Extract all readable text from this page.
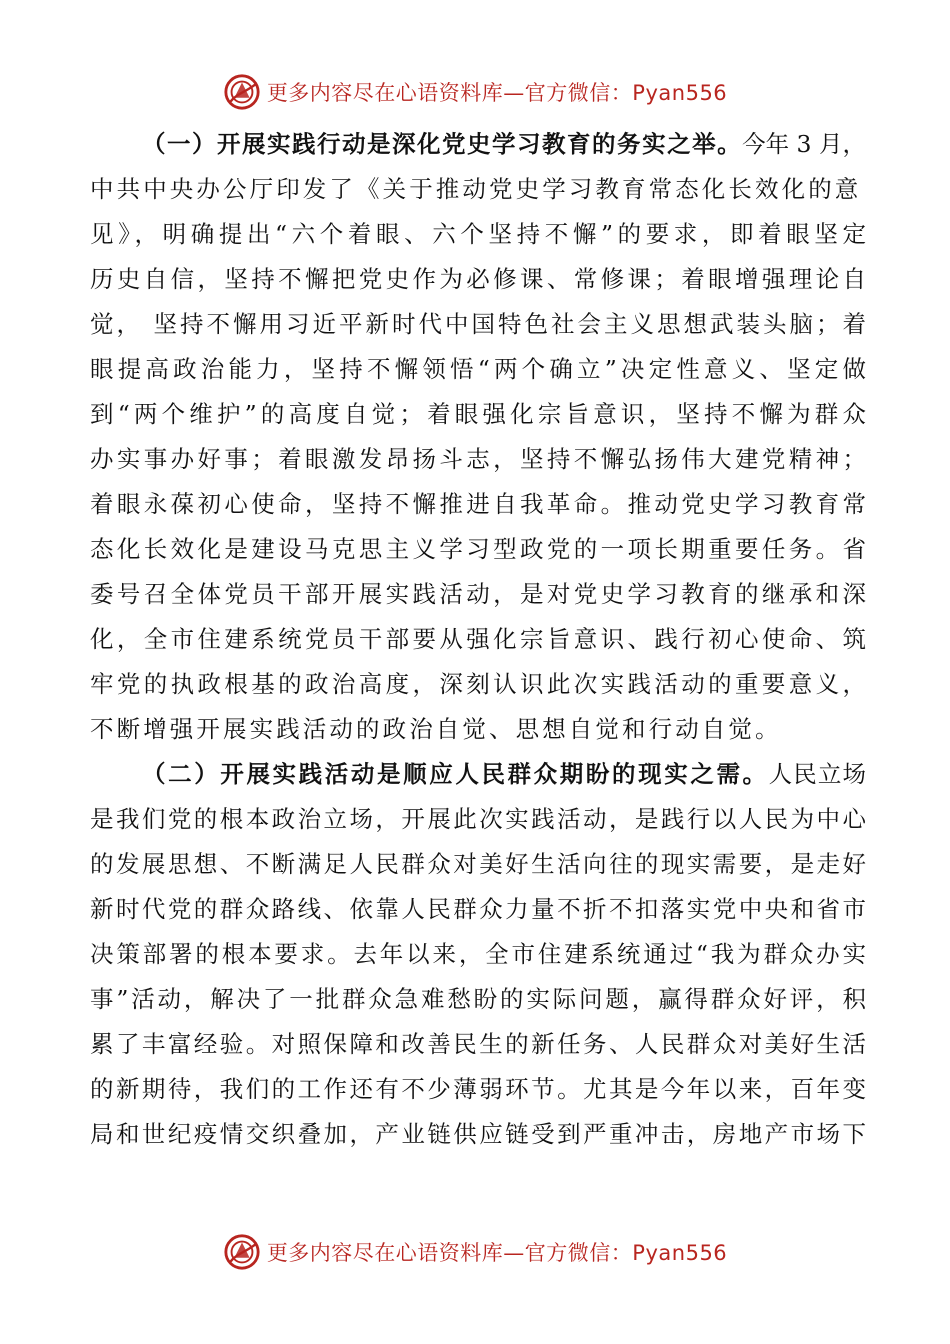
更多内容尽在心语资料库—官方微信：Pyan556
（一）开展实践行动是深化党史学习教育的务实之举。今年 3 月，
中共中央办公厅印发了《关于推动党史学习教育常态化长效化的意
见》，明确提出“六个着眼、六个坚持不懈”的要求，即着眼坚定
历史自信，坚持不懈把党史作为必修课、常修课；着眼增强理论自
觉， 坚持不懈用习近平新时代中国特色社会主义思想武装头脑；着
眼提高政治能力，坚持不懈领悟“两个确立”决定性意义、坚定做
到“两个维护”的高度自觉；着眼强化宗旨意识，坚持不懈为群众
办实事办好事；着眼激发昂扬斗志，坚持不懈弘扬伟大建党精神；
着眼永葆初心使命，坚持不懈推进自我革命。推动党史学习教育常
态化长效化是建设马克思主义学习型政党的一项长期重要任务。省
委号召全体党员干部开展实践活动，是对党史学习教育的继承和深
化，全市住建系统党员干部要从强化宗旨意识、践行初心使命、筑
牢党的执政根基的政治高度，深刻认识此次实践活动的重要意义，
不断增强开展实践活动的政治自觉、思想自觉和行动自觉。
（二）开展实践活动是顺应人民群众期盼的现实之需。人民立场
是我们党的根本政治立场，开展此次实践活动，是践行以人民为中心
的发展思想、不断满足人民群众对美好生活向往的现实需要，是走好
新时代党的群众路线、依靠人民群众力量不折不扣落实党中央和省市
决策部署的根本要求。去年以来，全市住建系统通过“我为群众办实
事”活动，解决了一批群众急难愁盼的实际问题，赢得群众好评，积
累了丰富经验。对照保障和改善民生的新任务、人民群众对美好生活
的新期待，我们的工作还有不少薄弱环节。尤其是今年以来，百年变
局和世纪疫情交织叠加，产业链供应链受到严重冲击，房地产市场下
更多内容尽在心语资料库—官方微信：Pyan556
